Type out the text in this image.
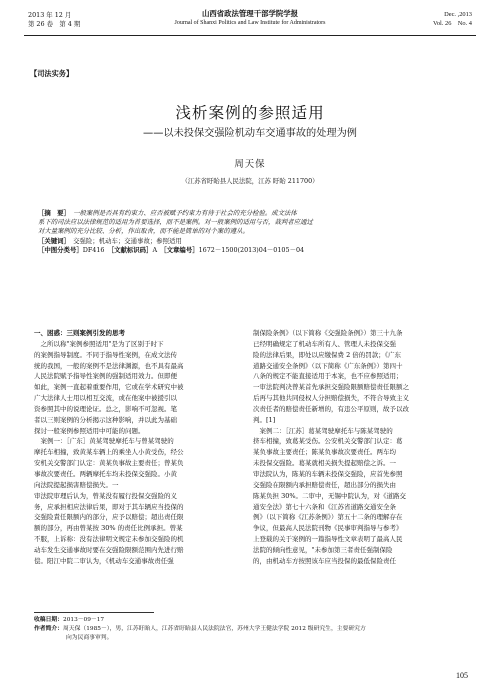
2013 年 12 月
第 26 卷　第 4 期
山西省政法管理干部学院学报
Journal of Shanxi Politics and Law Institute for Administrators
Dec. ,2013
Vol. 26　No. 4
【司法实务】
浅析案例的参照适用
——以未投保交强险机动车交通事故的处理为例
周天保
（江苏省盱眙县人民法院，江苏 盱眙 211700）
［摘　要］　 一般案例是否具有约束力、应否被赋予约束力有待于社会的充分检验。成文法体
系下的司法应以法律规范的适用为首要选择，而不是案例。对一般案例的适用与否，裁判者应通过
对大量案例的充分比较、分析，作出取舍，而不能是简单的对个案的遵从。
［关键词］　 交强险；机动车；交通事故；参照适用
［中图分类号］DF416　 ［文献标识码］A　 ［文章编号］1672－1500(2013)04－0105－04
一、困惑：三则案例引发的思考
　之所以称"案例参照适用"是为了区别于时下
的案例指导制度。不同于指导性案例，在成文法传
统的我国，一般的案例不是法律渊源，也不具有最高
人民法院赋予指导性案例的强制适用效力。但即便
如此，案例一直起着重要作用，它或在学术研究中被
广大法律人士用以相互交流，或在他案中被援引以
资参照其中的说理论证。总之，影响不可忽视。笔
者以三则案例的分析揭示这种影响，并以此为基础
探讨一般案例参照适用中可能的问题。
　案例一：［广东］黄某驾驶摩托车与曾某驾驶的
摩托车相撞，致黄某车辆上的乘坐人小黄受伤，经公
安机关交警部门认定：黄某负事故主要责任；曾某负
事故次要责任。两辆摩托车均未投保交强险。小黄
向法院提起损害赔偿损失。一
审法院审理后认为，曾某没有履行投保交强险的义
务，应承担相应法律后果，即对于其车辆应当投保的
交强险責任限额内的部分，应予以赔偿；超出责任限
额的部分，再由曾某按 30% 的责任比例承担。曾某
不服，上诉称：没有法律明文规定未参加交强险的机
动车发生交通事故时要在交强险限额范围内先进行赔
偿。阳江中院二审认为，《机动车交通事故责任强
制保险条例》（以下简称《交强险条例》）第三十九条
已经明确规定了机动车所有人、管理人未投保交强
险的法律后果，即处以应缴保费 2 倍的罚款；《广东
道路交通安全条例》（以下简称《广东条例》）第四十
八条的规定不能直接适用于本案，也不应参照适用；
一审法院判决曾某首先承担交强险限额赔偿责任限额之
后再与其他共同侵权人分担赔偿损失，不符合导致主义
次责任者的赔偿责任新增的，有违公平原则，故予以改
判。[1]
　案例二：［江苏］葛某驾驶摩托车与陈某驾驶的
挤车相撞，致葛某受伤。公安机关交警部门认定：葛
某负事故主要责任；陈某负事故次要责任。两车均
未投保交强险。葛某就相关损失提起赔偿之诉。一
审法院认为，陈某的车辆未投保交强险，应首先参照
交强险在限额内承担赔偿责任，超出部分的损失由
陈某负担 30%。二审中，无锡中院认为，对《道路交
通安全法》第七十六条和《江苏省道路交通安全条
例》（以下简称《江苏条例》）第五十二条的理解存在
争议，但最高人民法院刊物《民事审判指导与参考》
上登载的关于案例的一篇指导性文章表明了最高人民
法院的倾向性意见，"未参加第三者责任强制保险
的，由机动车方按照该车应当投保的最低保险责任
收稿日期：2013－09－17
作者简介：周天保（1985－），男，江苏盱眙人，江苏省盱眙县人民法院法官，苏州大学王健法学院 2012 级研究生，主要研究方
向为民商事审判。
105
